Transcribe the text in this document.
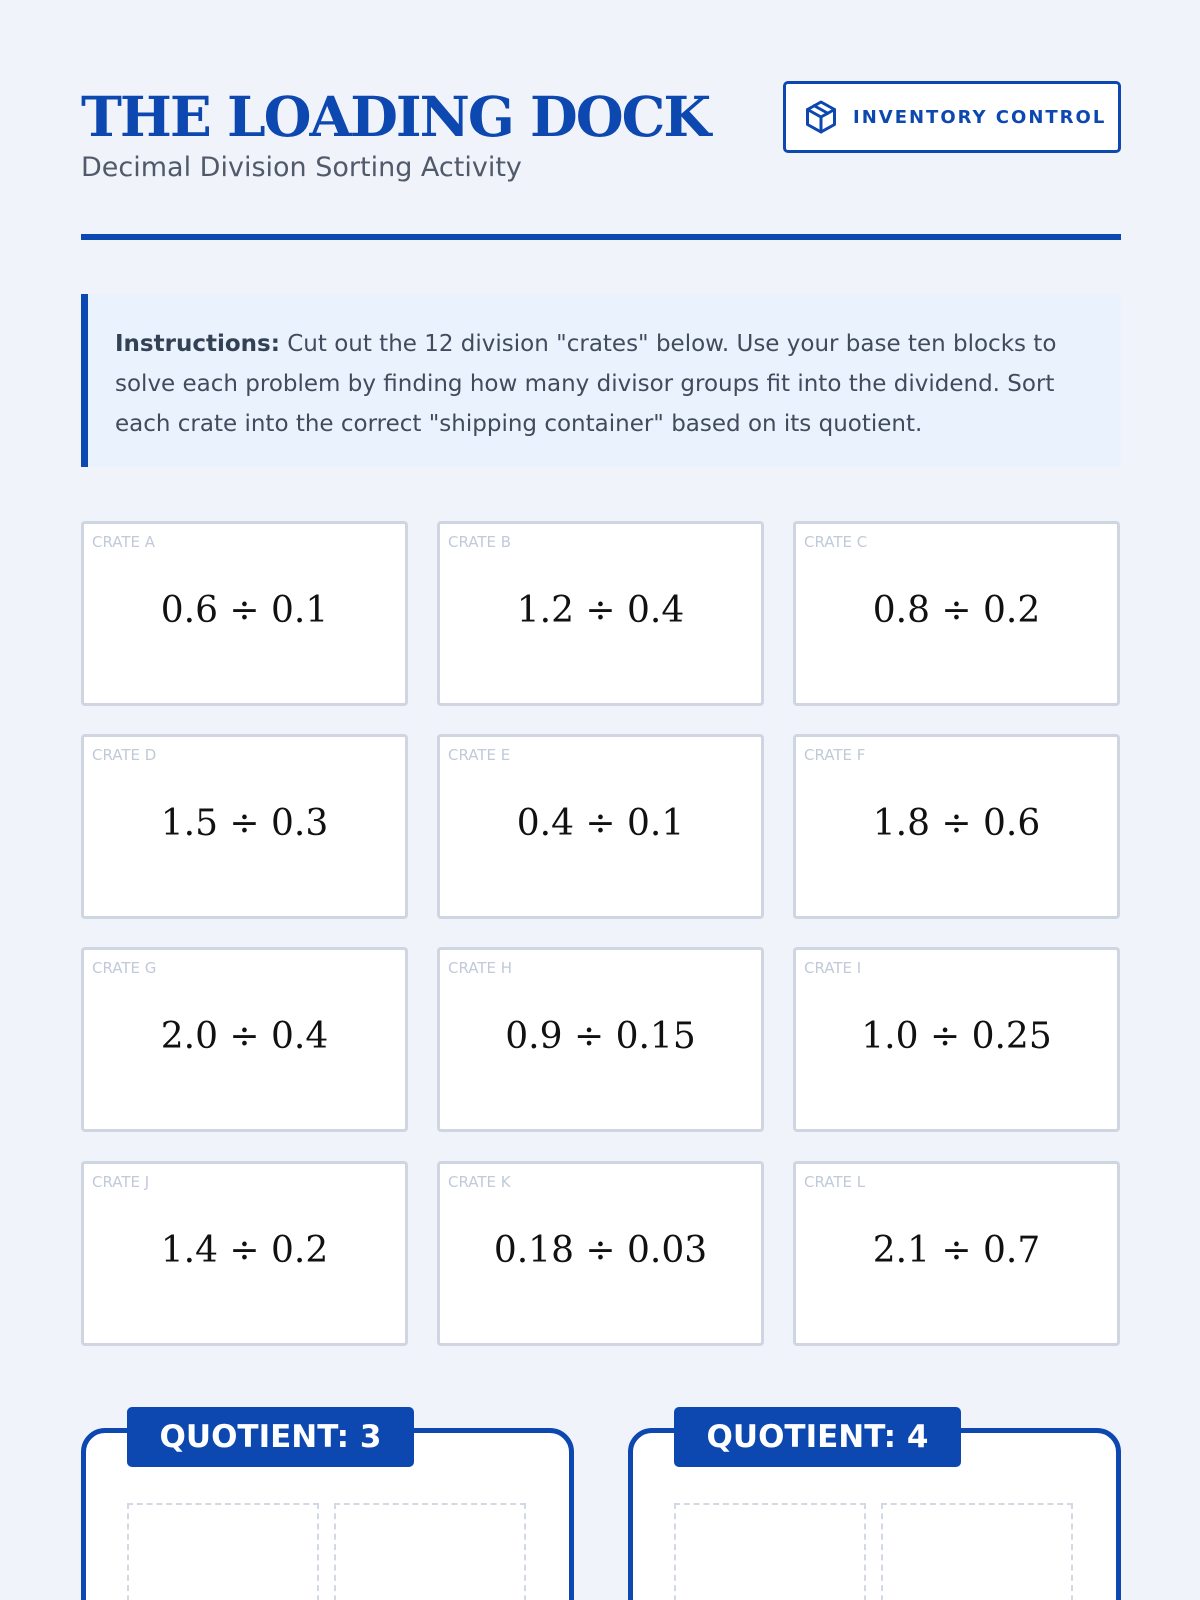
THE LOADING DOCK
Decimal Division Sorting Activity
INVENTORY CONTROL
Instructions: Cut out the 12 division "crates" below. Use your base ten blocks to solve each problem by finding how many divisor groups fit into the dividend. Sort each crate into the correct "shipping container" based on its quotient.
CRATE A
0.6 ÷ 0.1
CRATE B
1.2 ÷ 0.4
CRATE C
0.8 ÷ 0.2
CRATE D
1.5 ÷ 0.3
CRATE E
0.4 ÷ 0.1
CRATE F
1.8 ÷ 0.6
CRATE G
2.0 ÷ 0.4
CRATE H
0.9 ÷ 0.15
CRATE I
1.0 ÷ 0.25
CRATE J
1.4 ÷ 0.2
CRATE K
0.18 ÷ 0.03
CRATE L
2.1 ÷ 0.7
QUOTIENT: 3	QUOTIENT: 4
